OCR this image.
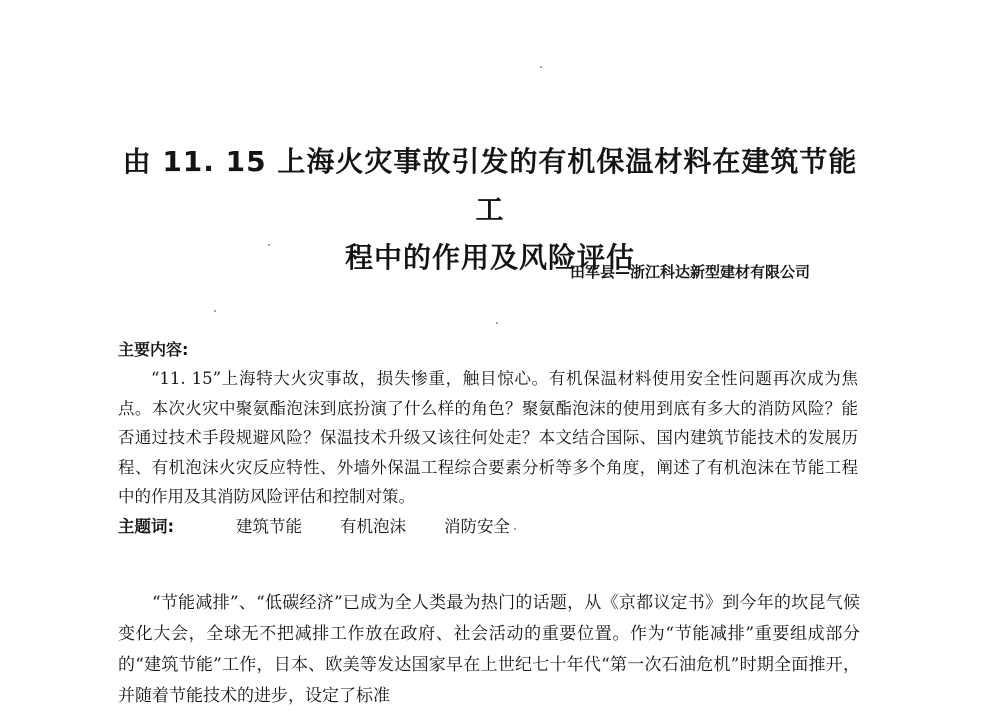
由 11. 15 上海火灾事故引发的有机保温材料在建筑节能工
程中的作用及风险评估

田军县—浙江科达新型建材有限公司

主要内容:

“11. 15”上海特大火灾事故，损失惨重，触目惊心。有机保温材料使用安全性问题再次成为焦点。本次火灾中聚氨酯泡沫到底扮演了什么样的角色？聚氨酯泡沫的使用到底有多大的消防风险？能否通过技术手段规避风险？保温技术升级又该往何处走？本文结合国际、国内建筑节能技术的发展历程、有机泡沫火灾反应特性、外墙外保温工程综合要素分析等多个角度，阐述了有机泡沫在节能工程中的作用及其消防风险评估和控制对策。

主题词:	建筑节能 有机泡沫 消防安全

“节能减排”、“低碳经济”已成为全人类最为热门的话题，从《京都议定书》到今年的坎昆气候变化大会，全球无不把减排工作放在政府、社会活动的重要位置。作为“节能减排”重要组成部分的“建筑节能”工作，日本、欧美等发达国家早在上世纪七十年代“第一次石油危机”时期全面推开，并随着节能技术的进步，设定了标准
